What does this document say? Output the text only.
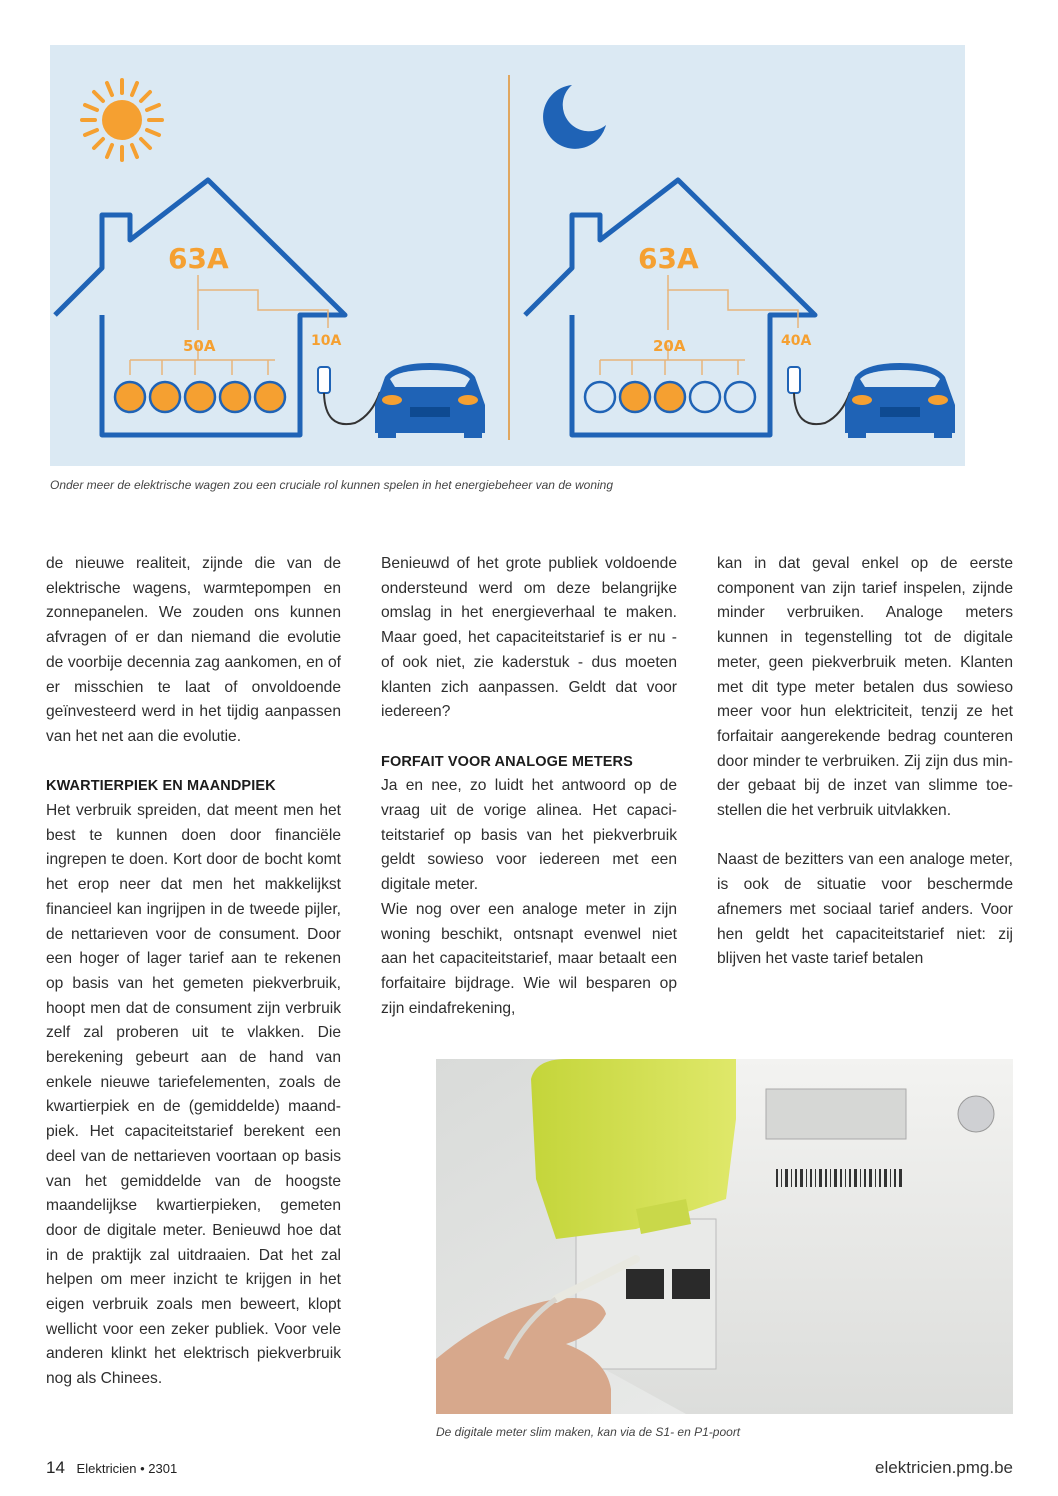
63A
50A	10A
63A
20A	40A
Onder meer de elektrische wagen zou een cruciale rol kunnen spelen in het energiebeheer van de woning

de nieuwe realiteit, zijnde die van de elektrische wagens, warmtepompen en zonnepanelen. We zouden ons kunnen afvragen of er dan niemand die evolutie de voorbije decennia zag aankomen, en of er misschien te laat of onvoldoende geïnvesteerd werd in het tijdig aanpassen van het net aan die evolutie.

KWARTIERPIEK EN MAANDPIEK

Het verbruik spreiden, dat meent men het best te kunnen doen door financiële ingrepen te doen. Kort door de bocht komt het erop neer dat men het makkelijkst financieel kan ingrijpen in de tweede pijler, de nettarieven voor de consument. Door een hoger of lager tarief aan te rekenen op basis van het gemeten piekverbruik, hoopt men dat de consument zijn verbruik zelf zal proberen uit te vlakken. Die berekening gebeurt aan de hand van enkele nieuwe tariefelementen, zoals de kwartierpiek en de (gemiddelde) maandpiek. Het capaciteitstarief berekent een deel van de nettarieven voortaan op basis van het gemiddelde van de hoogste maandelijkse kwartierpieken, gemeten door de digitale meter. Benieuwd hoe dat in de praktijk zal uitdraaien. Dat het zal helpen om meer inzicht te krijgen in het eigen verbruik zoals men beweert, klopt wellicht voor een zeker publiek. Voor vele anderen klinkt het elektrisch piekverbruik nog als Chinees.

Benieuwd of het grote publiek voldoende ondersteund werd om deze belangrijke omslag in het energieverhaal te maken. Maar goed, het capaciteitstarief is er nu - of ook niet, zie kaderstuk - dus moeten klanten zich aanpassen. Geldt dat voor iedereen?

FORFAIT VOOR ANALOGE METERS

Ja en nee, zo luidt het antwoord op de vraag uit de vorige alinea. Het capaciteitstarief op basis van het piekverbruik geldt sowieso voor iedereen met een digitale meter.

Wie nog over een analoge meter in zijn woning beschikt, ontsnapt evenwel niet aan het capaciteitstarief, maar betaalt een forfaitaire bijdrage. Wie wil besparen op zijn eindafrekening,

kan in dat geval enkel op de eerste component van zijn tarief inspelen, zijnde minder verbruiken. Analoge meters kunnen in tegenstelling tot de digitale meter, geen piekverbruik meten. Klanten met dit type meter betalen dus sowieso meer voor hun elektriciteit, tenzij ze het forfaitair aangerekende bedrag counteren door minder te verbruiken. Zij zijn dus minder gebaat bij de inzet van slimme toestellen die het verbruik uitvlakken.

Naast de bezitters van een analoge meter, is ook de situatie voor beschermde afnemers met sociaal tarief anders. Voor hen geldt het capaciteitstarief niet: zij blijven het vaste tarief betalen

De digitale meter slim maken, kan via de S1- en P1-poort
14 Elektricien • 2301	elektricien.pmg.be
